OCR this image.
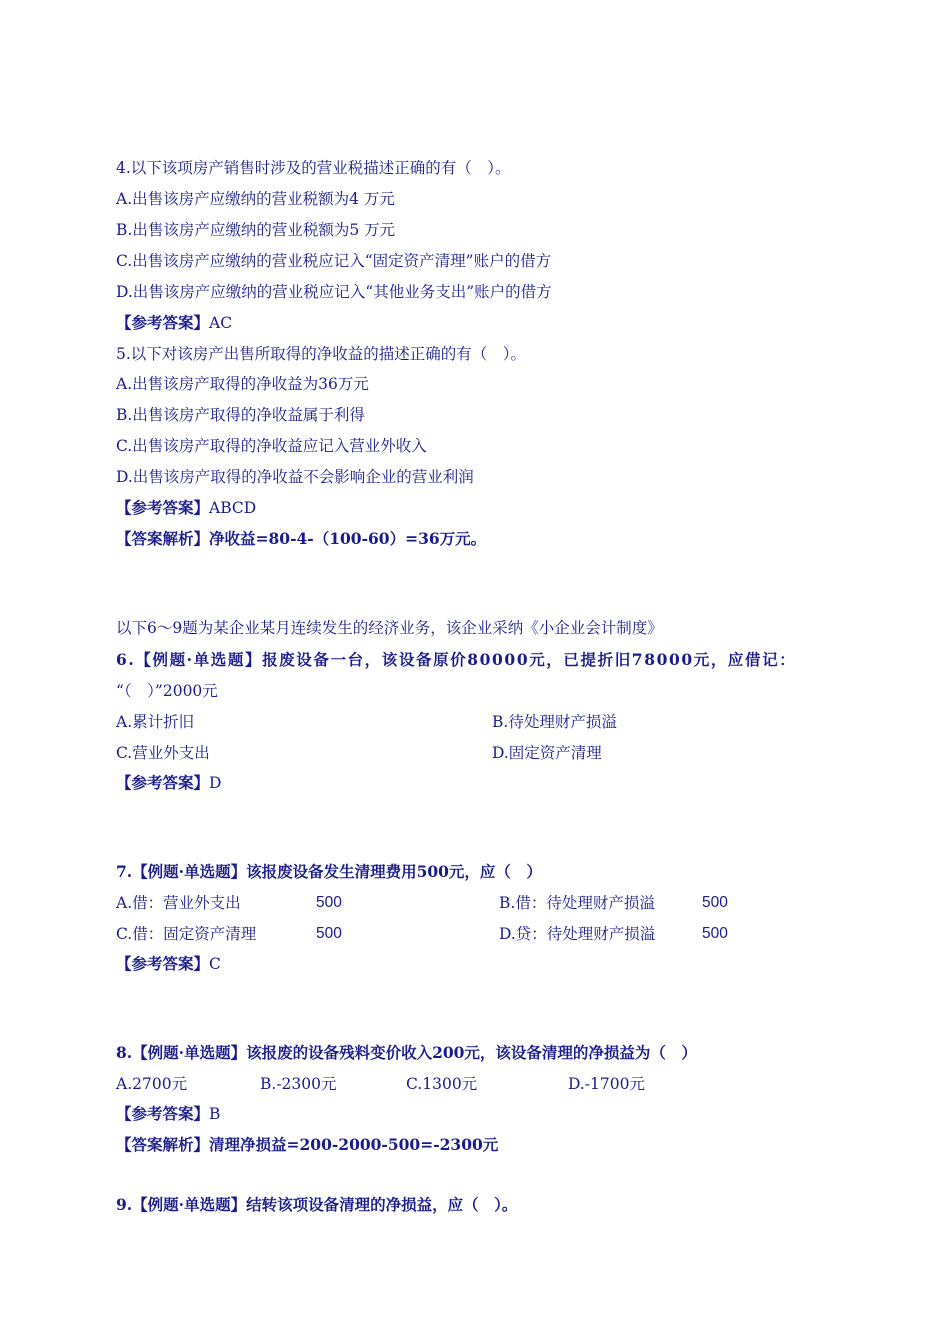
4.以下该项房产销售时涉及的营业税描述正确的有（　）。
A.出售该房产应缴纳的营业税额为4 万元
B.出售该房产应缴纳的营业税额为5 万元
C.出售该房产应缴纳的营业税应记入“固定资产清理”账户的借方
D.出售该房产应缴纳的营业税应记入“其他业务支出”账户的借方
【参考答案】AC
5.以下对该房产出售所取得的净收益的描述正确的有（　）。
A.出售该房产取得的净收益为36万元
B.出售该房产取得的净收益属于利得
C.出售该房产取得的净收益应记入营业外收入
D.出售该房产取得的净收益不会影响企业的营业利润
【参考答案】ABCD
【答案解析】净收益=80-4-（100-60）=36万元。
以下6～9题为某企业某月连续发生的经济业务，该企业采纳《小企业会计制度》
6.【例题·单选题】报废设备一台，该设备原价80000元，已提折旧78000元，应借记：
“（　）”2000元
A.累计折旧	B.待处理财产损溢
C.营业外支出	D.固定资产清理
【参考答案】D
7.【例题·单选题】该报废设备发生清理费用500元，应（　）
A.借：营业外支出	500	B.借：待处理财产损溢	500
C.借：固定资产清理	500	D.贷：待处理财产损溢	500
【参考答案】C
8.【例题·单选题】该报废的设备残料变价收入200元，该设备清理的净损益为（　）
A.2700元	B.-2300元	C.1300元	D.-1700元
【参考答案】B
【答案解析】清理净损益=200-2000-500=-2300元
9.【例题·单选题】结转该项设备清理的净损益，应（　）。
